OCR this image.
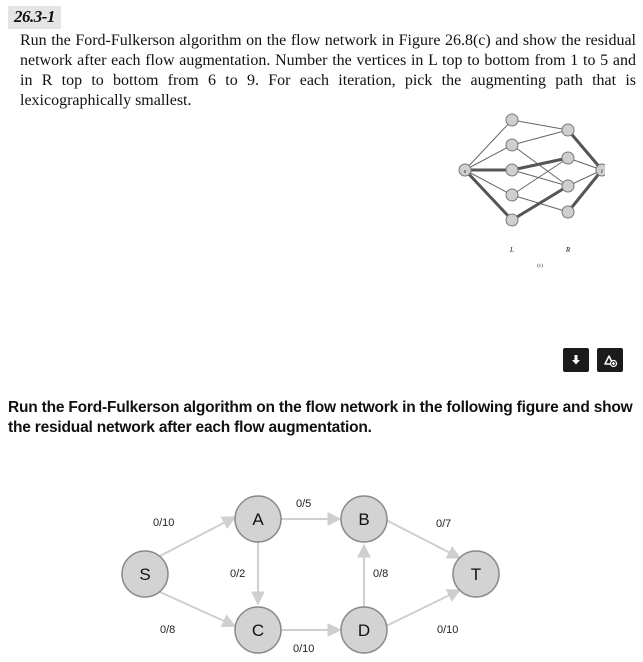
26.3-1

Run the Ford-Fulkerson algorithm on the flow network in Figure 26.8(c) and show the residual network after each flow augmentation. Number the vertices in L top to bottom from 1 to 5 and in R top to bottom from 6 to 9. For each iteration, pick the augmenting path that is lexicographically smallest.

s	t
L	R
(c)
Run the Ford-Fulkerson algorithm on the flow network in the following figure and show the residual network after each flow augmentation.
0/10
0/8
0/5
0/2
0/10
0/8
0/7
0/10
S
A	B
C	D
T
